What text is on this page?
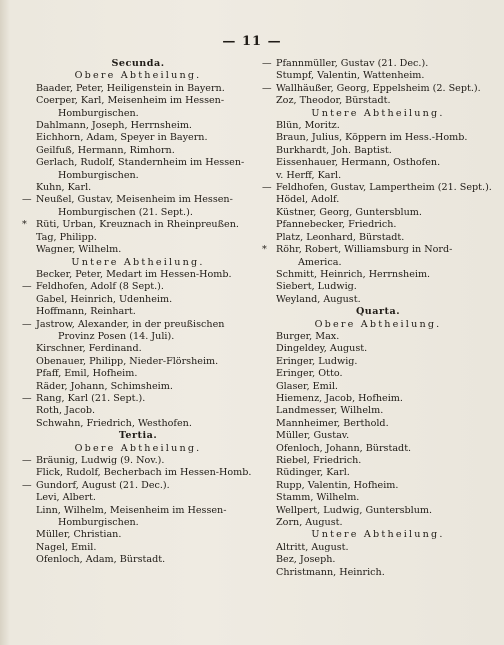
— 11 —
Secunda.
Obere Abtheilung.
Baader, Peter, Heiligenstein in Bayern.
Coerper, Karl, Meisenheim im Hessen-
Homburgischen.
Dahlmann, Joseph, Herrnsheim.
Eichhorn, Adam, Speyer in Bayern.
Geilfuß, Hermann, Rimhorn.
Gerlach, Rudolf, Standernheim im Hessen-
Homburgischen.
Kuhn, Karl.
— Neußel, Gustav, Meisenheim im Hessen-
Homburgischen (21. Sept.).
* Rüti, Urban, Kreuznach in Rheinpreußen.
Tag, Philipp.
Wagner, Wilhelm.
Untere Abtheilung.
Becker, Peter, Medart im Hessen-Homb.
— Feldhofen, Adolf (8 Sept.).
Gabel, Heinrich, Udenheim.
Hoffmann, Reinhart.
— Jastrow, Alexander, in der preußischen
Provinz Posen (14. Juli).
Kirschner, Ferdinand.
Obenauer, Philipp, Nieder-Flörsheim.
Pfaff, Emil, Hofheim.
Räder, Johann, Schimsheim.
— Rang, Karl (21. Sept.).
Roth, Jacob.
Schwahn, Friedrich, Westhofen.
Tertia.
Obere Abtheilung.
— Bräunig, Ludwig (9. Nov.).
Flick, Rudolf, Becherbach im Hessen-Homb.
— Gundorf, August (21. Dec.).
Levi, Albert.
Linn, Wilhelm, Meisenheim im Hessen-
Homburgischen.
Müller, Christian.
Nagel, Emil.
Ofenloch, Adam, Bürstadt.
— Pfannmüller, Gustav (21. Dec.).
Stumpf, Valentin, Wattenheim.
— Wallhäußer, Georg, Eppelsheim (2. Sept.).
Zoz, Theodor, Bürstadt.
Untere Abtheilung.
Blün, Moritz.
Braun, Julius, Köppern im Hess.-Homb.
Burkhardt, Joh. Baptist.
Eissenhauer, Hermann, Osthofen.
v. Herff, Karl.
— Feldhofen, Gustav, Lampertheim (21. Sept.).
Hödel, Adolf.
Küstner, Georg, Guntersblum.
Pfannebecker, Friedrich.
Platz, Leonhard, Bürstadt.
* Röhr, Robert, Williamsburg in Nord-
America.
Schmitt, Heinrich, Herrnsheim.
Siebert, Ludwig.
Weyland, August.
Quarta.
Obere Abtheilung.
Burger, Max.
Dingeldey, August.
Eringer, Ludwig.
Eringer, Otto.
Glaser, Emil.
Hiemenz, Jacob, Hofheim.
Landmesser, Wilhelm.
Mannheimer, Berthold.
Müller, Gustav.
Ofenloch, Johann, Bürstadt.
Riebel, Friedrich.
Rüdinger, Karl.
Rupp, Valentin, Hofheim.
Stamm, Wilhelm.
Wellpert, Ludwig, Guntersblum.
Zorn, August.
Untere Abtheilung.
Altritt, August.
Bez, Joseph.
Christmann, Heinrich.
